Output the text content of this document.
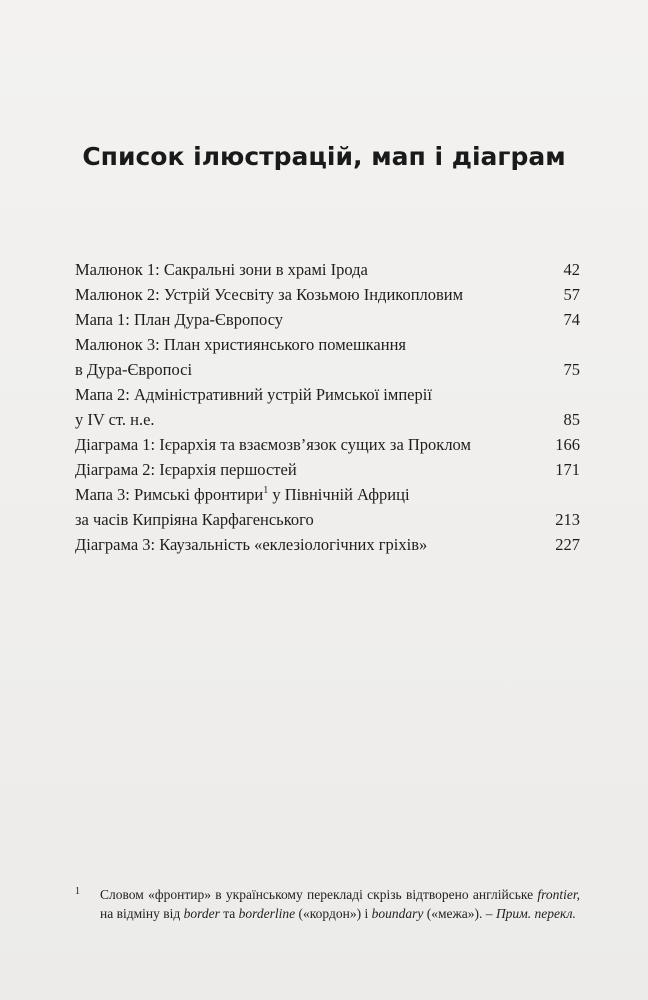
Список ілюстрацій, мап і діаграм
Малюнок 1: Сакральні зони в храмі Ірода	42
Малюнок 2: Устрій Усесвіту за Козьмою Індикопловим	57
Мапа 1: План Дура-Європосу	74
Малюнок 3: План християнського помешкання
в Дура-Європосі	75
Мапа 2: Адміністративний устрій Римської імперії
у IV ст. н.е.	85
Діаграма 1: Ієрархія та взаємозв’язок сущих за Проклом	166
Діаграма 2: Ієрархія першостей	171
Мапа 3: Римські фронтири$^1$ у Північній Африці
за часів Кипріяна Карфагенського	213
Діаграма 3: Каузальність «еклезіологічних гріхів»	227
1 Словом «фронтир» в українському перекладі скрізь відтворено англійське frontier, на відміну від border та borderline («кордон») і boundary («межа»). – Прим. перекл.
